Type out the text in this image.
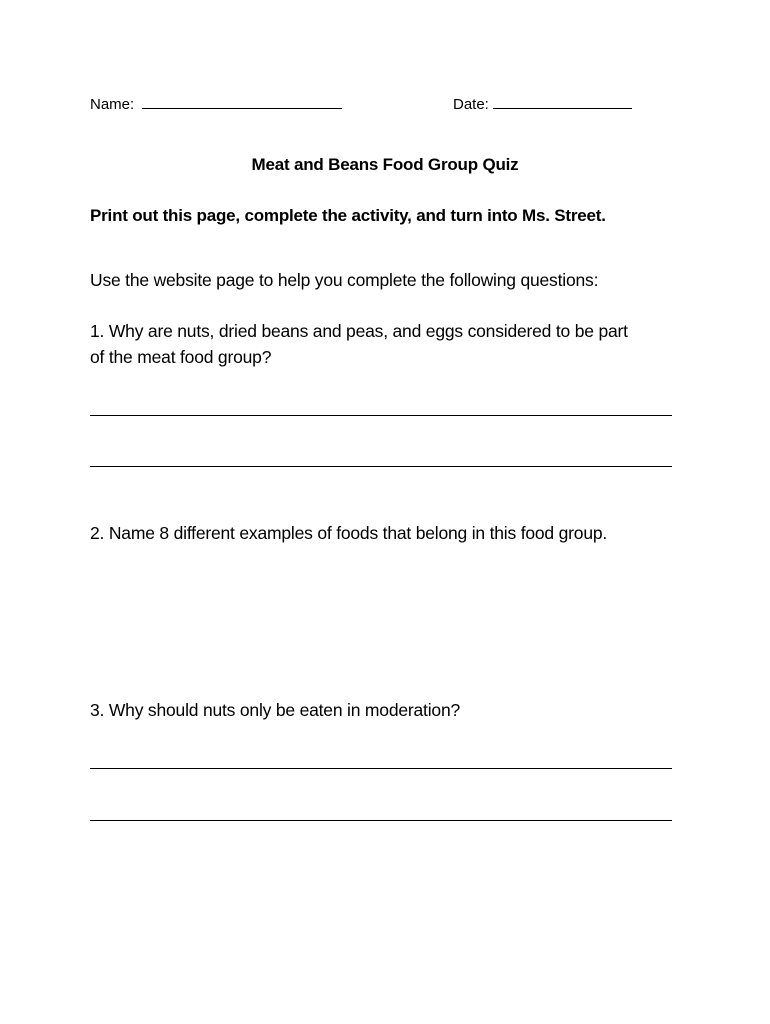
Name:	Date:
Meat and Beans Food Group Quiz
Print out this page, complete the activity, and turn into Ms. Street.
Use the website page to help you complete the following questions:
1. Why are nuts, dried beans and peas, and eggs considered to be part
of the meat food group?
2. Name 8 different examples of foods that belong in this food group.
3. Why should nuts only be eaten in moderation?
